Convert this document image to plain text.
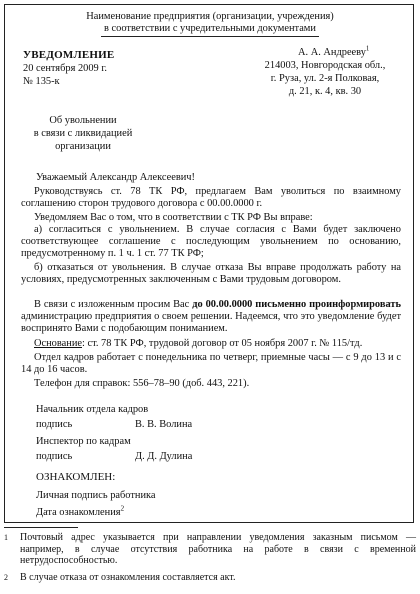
Наименование предприятия (организации, учреждения)
в соответствии с учредительными документами
УВЕДОМЛЕНИЕ
20 сентября 2009 г.
№ 135-к
А. А. Андрееву$^1$
214003, Новгородская обл.,
г. Руза, ул. 2-я Полковая,
д. 21, к. 4, кв. 30
Об увольнении
в связи с ликвидацией
организации
Уважаемый Александр Алексеевич!
Руководствуясь ст. 78 ТК РФ, предлагаем Вам уволиться по взаимному соглашению сторон трудового договора с 00.00.0000 г.
Уведомляем Вас о том, что в соответствии с ТК РФ Вы вправе:
а) согласиться с увольнением. В случае согласия с Вами будет заключено соответствующее соглашение с последующим увольнением по основанию, предусмотренному п. 1 ч. 1 ст. 77 ТК РФ;
б) отказаться от увольнения. В случае отказа Вы вправе продолжать работу на условиях, предусмотренных заключенным с Вами трудовым договором.
В связи с изложенным просим Вас до 00.00.0000 письменно проинформировать администрацию предприятия о своем решении. Надеемся, что это уведомление будет воспринято Вами с подобающим пониманием.
Основание: ст. 78 ТК РФ, трудовой договор от 05 ноября 2007 г. № 115/тд.
Отдел кадров работает с понедельника по четверг, приемные часы — с 9 до 13 и с 14 до 16 часов.
Телефон для справок: 556–78–90 (доб. 443, 221).
Начальник отдела кадров
подпись	В. В. Волина
Инспектор по кадрам
подпись	Д. Д. Дулина
ОЗНАКОМЛЕН:
Личная подпись работника
Дата ознакомления$^2$
1 Почтовый адрес указывается при направлении уведомления заказным письмом — например, в случае отсутствия работника на работе в связи с временной нетрудоспособностью.
2 В случае отказа от ознакомления составляется акт.
